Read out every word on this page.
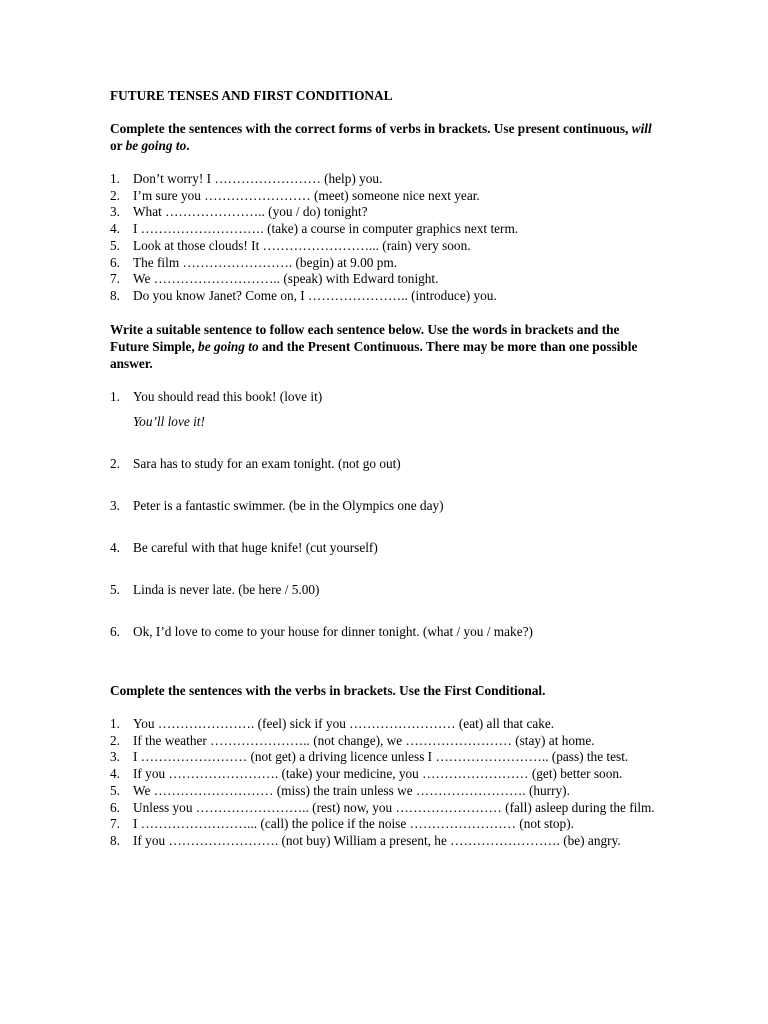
FUTURE TENSES AND FIRST CONDITIONAL
Complete the sentences with the correct forms of verbs in brackets. Use present continuous, will or be going to.
1. Don’t worry! I …………………… (help) you.
2. I’m sure you …………………… (meet) someone nice next year.
3. What ………………….. (you / do) tonight?
4. I ………………………. (take) a course in computer graphics next term.
5. Look at those clouds! It ……………………... (rain) very soon.
6. The film ……………………. (begin) at 9.00 pm.
7. We ……………………….. (speak) with Edward tonight.
8. Do you know Janet? Come on, I ………………….. (introduce) you.
Write a suitable sentence to follow each sentence below. Use the words in brackets and the Future Simple, be going to and the Present Continuous. There may be more than one possible answer.
1. You should read this book! (love it)
You’ll love it!
2. Sara has to study for an exam tonight. (not go out)
3. Peter is a fantastic swimmer. (be in the Olympics one day)
4. Be careful with that huge knife! (cut yourself)
5. Linda is never late. (be here / 5.00)
6. Ok, I’d love to come to your house for dinner tonight. (what / you / make?)
Complete the sentences with the verbs in brackets. Use the First Conditional.
1. You …………………. (feel) sick if you …………………… (eat) all that cake.
2. If the weather ………………….. (not change), we …………………… (stay) at home.
3. I …………………… (not get) a driving licence unless I …………………….. (pass) the test.
4. If you ……………………. (take) your medicine, you …………………… (get) better soon.
5. We ……………………… (miss) the train unless we ……………………. (hurry).
6. Unless you …………………….. (rest) now, you …………………… (fall) asleep during the film.
7. I ……………………... (call) the police if the noise …………………… (not stop).
8. If you ……………………. (not buy) William a present, he ……………………. (be) angry.
